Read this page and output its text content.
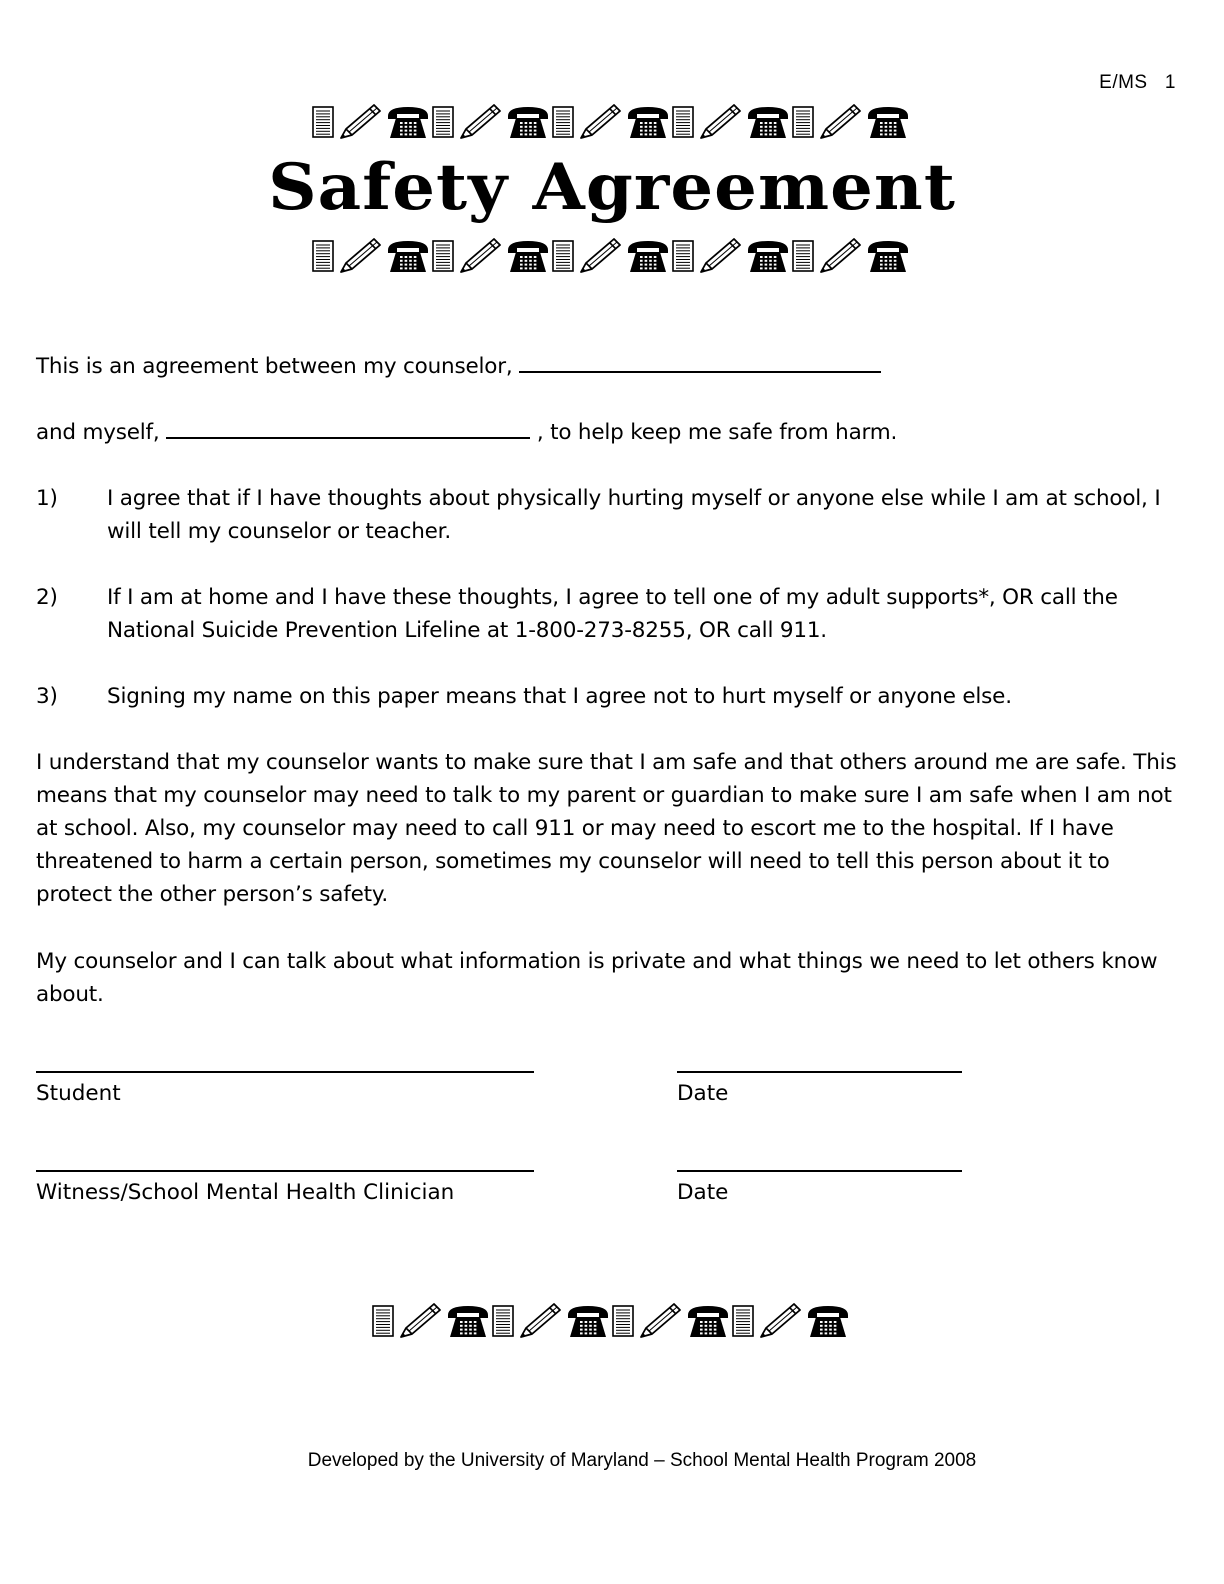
E/MS   1
Safety Agreement
This is an agreement between my counselor,
and myself,	, to help keep me safe from harm.
1) I agree that if I have thoughts about physically hurting myself or anyone else while I am at school, I will tell my counselor or teacher.
2) If I am at home and I have these thoughts, I agree to tell one of my adult supports*, OR call the National Suicide Prevention Lifeline at 1-800-273-8255, OR call 911.
3) Signing my name on this paper means that I agree not to hurt myself or anyone else.
I understand that my counselor wants to make sure that I am safe and that others around me are safe. This means that my counselor may need to talk to my parent or guardian to make sure I am safe when I am not at school. Also, my counselor may need to call 911 or may need to escort me to the hospital. If I have threatened to harm a certain person, sometimes my counselor will need to tell this person about it to protect the other person’s safety.
My counselor and I can talk about what information is private and what things we need to let others know about.
Student	Date
Witness/School Mental Health Clinician	Date
Developed by the University of Maryland – School Mental Health Program 2008
